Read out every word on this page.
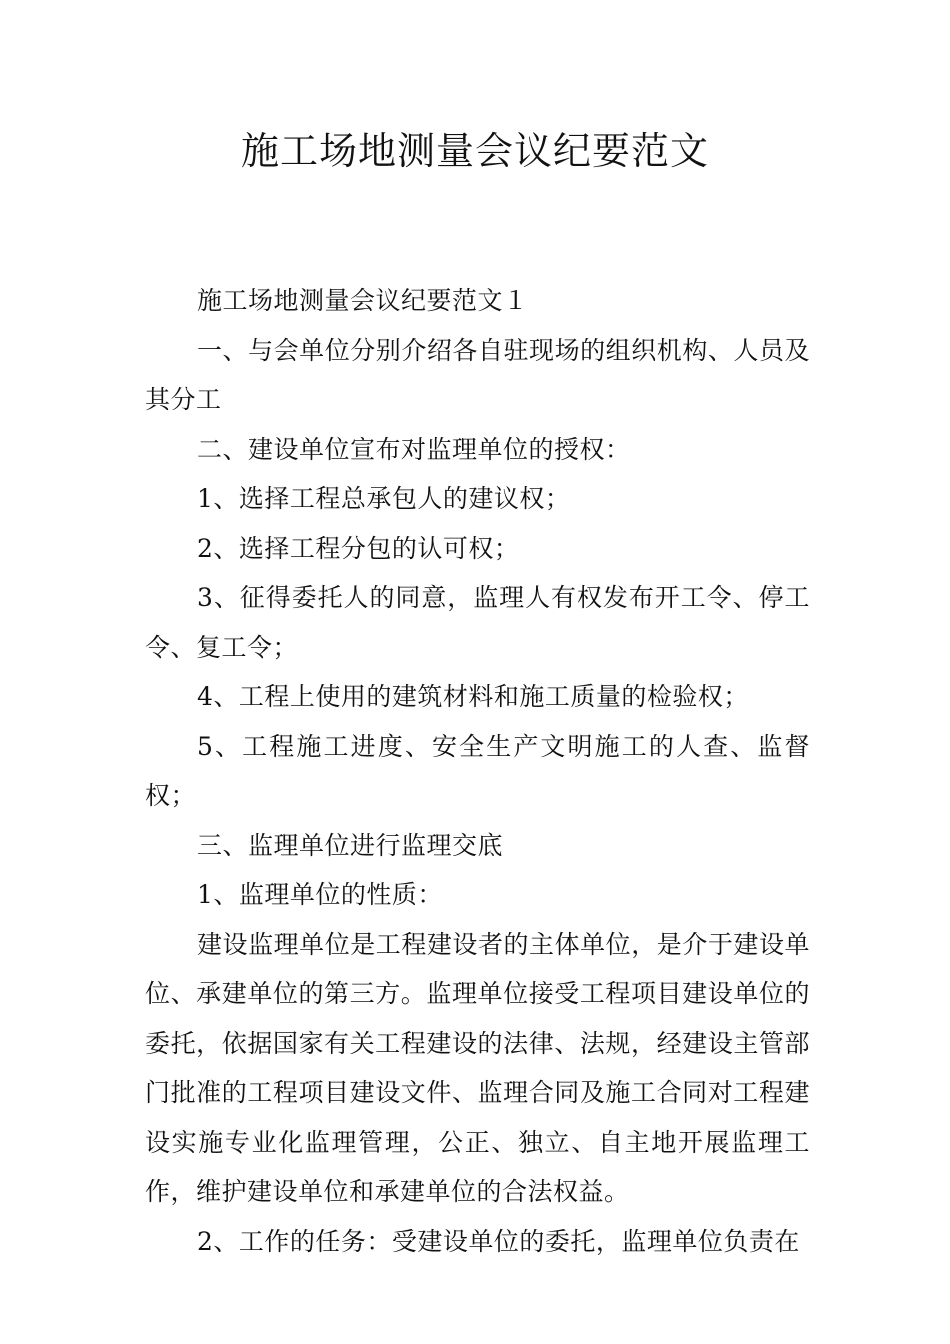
施工场地测量会议纪要范文

施工场地测量会议纪要范文１

一、与会单位分别介绍各自驻现场的组织机构、人员及其分工

二、建设单位宣布对监理单位的授权：

1、选择工程总承包人的建议权；

2、选择工程分包的认可权；

3、征得委托人的同意，监理人有权发布开工令、停工令、复工令；

4、工程上使用的建筑材料和施工质量的检验权；

5、工程施工进度、安全生产文明施工的人查、监督权；

三、监理单位进行监理交底

1、监理单位的性质：

建设监理单位是工程建设者的主体单位，是介于建设单位、承建单位的第三方。监理单位接受工程项目建设单位的委托，依据国家有关工程建设的法律、法规，经建设主管部门批准的工程项目建设文件、监理合同及施工合同对工程建设实施专业化监理管理，公正、独立、自主地开展监理工作，维护建设单位和承建单位的合法权益。

2、工作的任务：受建设单位的委托，监理单位负责在
